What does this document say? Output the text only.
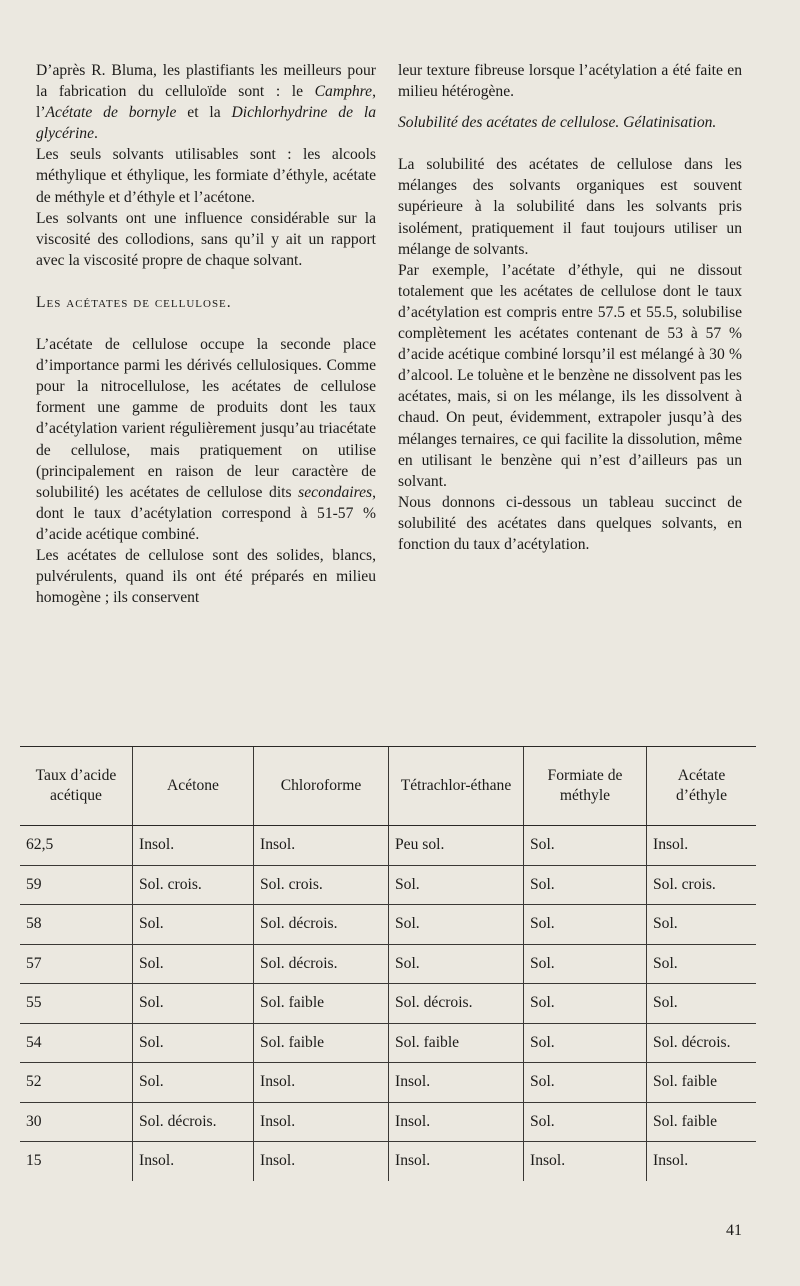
D’après R. Bluma, les plastifiants les meilleurs pour la fabrication du celluloïde sont : le Camphre, l’Acétate de bornyle et la Dichlorhydrine de la glycérine.

Les seuls solvants utilisables sont : les alcools méthylique et éthylique, les formiate d’éthyle, acétate de méthyle et d’éthyle et l’acétone.

Les solvants ont une influence considérable sur la viscosité des collodions, sans qu’il y ait un rapport avec la viscosité propre de chaque solvant.

Les acétates de cellulose.

L’acétate de cellulose occupe la seconde place d’importance parmi les dérivés cellulosiques. Comme pour la nitrocellulose, les acétates de cellulose forment une gamme de produits dont les taux d’acétylation varient régulièrement jusqu’au triacétate de cellulose, mais pratiquement on utilise (principalement en raison de leur caractère de solubilité) les acétates de cellulose dits secondaires, dont le taux d’acétylation correspond à 51-57 % d’acide acétique combiné.

Les acétates de cellulose sont des solides, blancs, pulvérulents, quand ils ont été préparés en milieu homogène ; ils conservent

leur texture fibreuse lorsque l’acétylation a été faite en milieu hétérogène.

Solubilité des acétates de cellulose. Gélatinisation.

La solubilité des acétates de cellulose dans les mélanges des solvants organiques est souvent supérieure à la solubilité dans les solvants pris isolément, pratiquement il faut toujours utiliser un mélange de solvants.

Par exemple, l’acétate d’éthyle, qui ne dissout totalement que les acétates de cellulose dont le taux d’acétylation est compris entre 57.5 et 55.5, solubilise complètement les acétates contenant de 53 à 57 % d’acide acétique combiné lorsqu’il est mélangé à 30 % d’alcool. Le toluène et le benzène ne dissolvent pas les acétates, mais, si on les mélange, ils les dissolvent à chaud. On peut, évidemment, extrapoler jusqu’à des mélanges ternaires, ce qui facilite la dissolution, même en utilisant le benzène qui n’est d’ailleurs pas un solvant.

Nous donnons ci-dessous un tableau succinct de solubilité des acétates dans quelques solvants, en fonction du taux d’acétylation.

Taux d’acide acétique	Acétone	Chloroforme	Tétrachlor-éthane	Formiate de méthyle	Acétate d’éthyle
62,5	Insol.	Insol.	Peu sol.	Sol.	Insol.
59	Sol. crois.	Sol. crois.	Sol.	Sol.	Sol. crois.
58	Sol.	Sol. décrois.	Sol.	Sol.	Sol.
57	Sol.	Sol. décrois.	Sol.	Sol.	Sol.
55	Sol.	Sol. faible	Sol. décrois.	Sol.	Sol.
54	Sol.	Sol. faible	Sol. faible	Sol.	Sol. décrois.
52	Sol.	Insol.	Insol.	Sol.	Sol. faible
30	Sol. décrois.	Insol.	Insol.	Sol.	Sol. faible
15	Insol.	Insol.	Insol.	Insol.	Insol.
41
